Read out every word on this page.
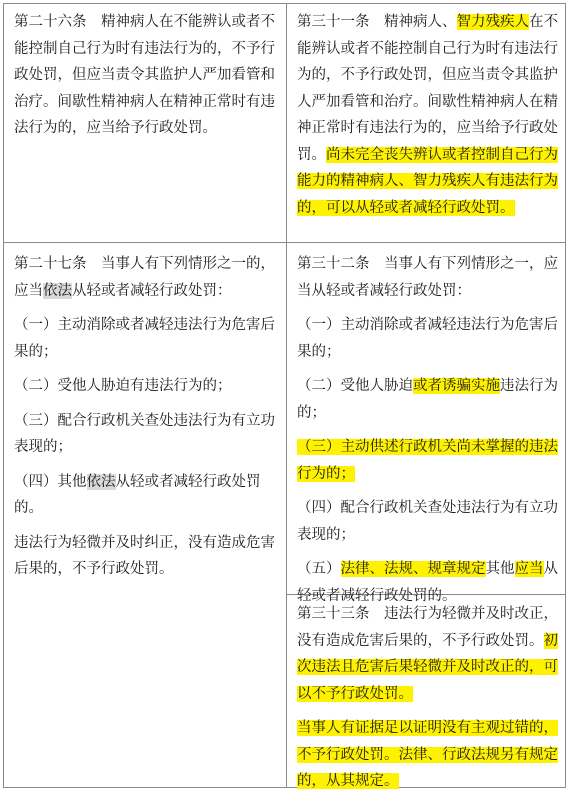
第二十六条　精神病人在不能辨认或者不能控制自己行为时有违法行为的，不予行政处罚，但应当责令其监护人严加看管和治疗。间歇性精神病人在精神正常时有违法行为的，应当给予行政处罚。

第三十一条　精神病人、智力残疾人在不能辨认或者不能控制自己行为时有违法行为的，不予行政处罚，但应当责令其监护人严加看管和治疗。间歇性精神病人在精神正常时有违法行为的，应当给予行政处罚。尚未完全丧失辨认或者控制自己行为能力的精神病人、智力残疾人有违法行为的，可以从轻或者减轻行政处罚。

第二十七条　当事人有下列情形之一的，应当依法从轻或者减轻行政处罚：

（一）主动消除或者减轻违法行为危害后果的；

（二）受他人胁迫有违法行为的；

（三）配合行政机关查处违法行为有立功表现的；

（四）其他依法从轻或者减轻行政处罚的。

违法行为轻微并及时纠正，没有造成危害后果的，不予行政处罚。

第三十二条　当事人有下列情形之一，应当从轻或者减轻行政处罚：

（一）主动消除或者减轻违法行为危害后果的；

（二）受他人胁迫或者诱骗实施违法行为的；

（三）主动供述行政机关尚未掌握的违法行为的；

（四）配合行政机关查处违法行为有立功表现的；

（五）法律、法规、规章规定其他应当从轻或者减轻行政处罚的。

第三十三条　违法行为轻微并及时改正，没有造成危害后果的，不予行政处罚。初次违法且危害后果轻微并及时改正的，可以不予行政处罚。

当事人有证据足以证明没有主观过错的，不予行政处罚。法律、行政法规另有规定的，从其规定。
